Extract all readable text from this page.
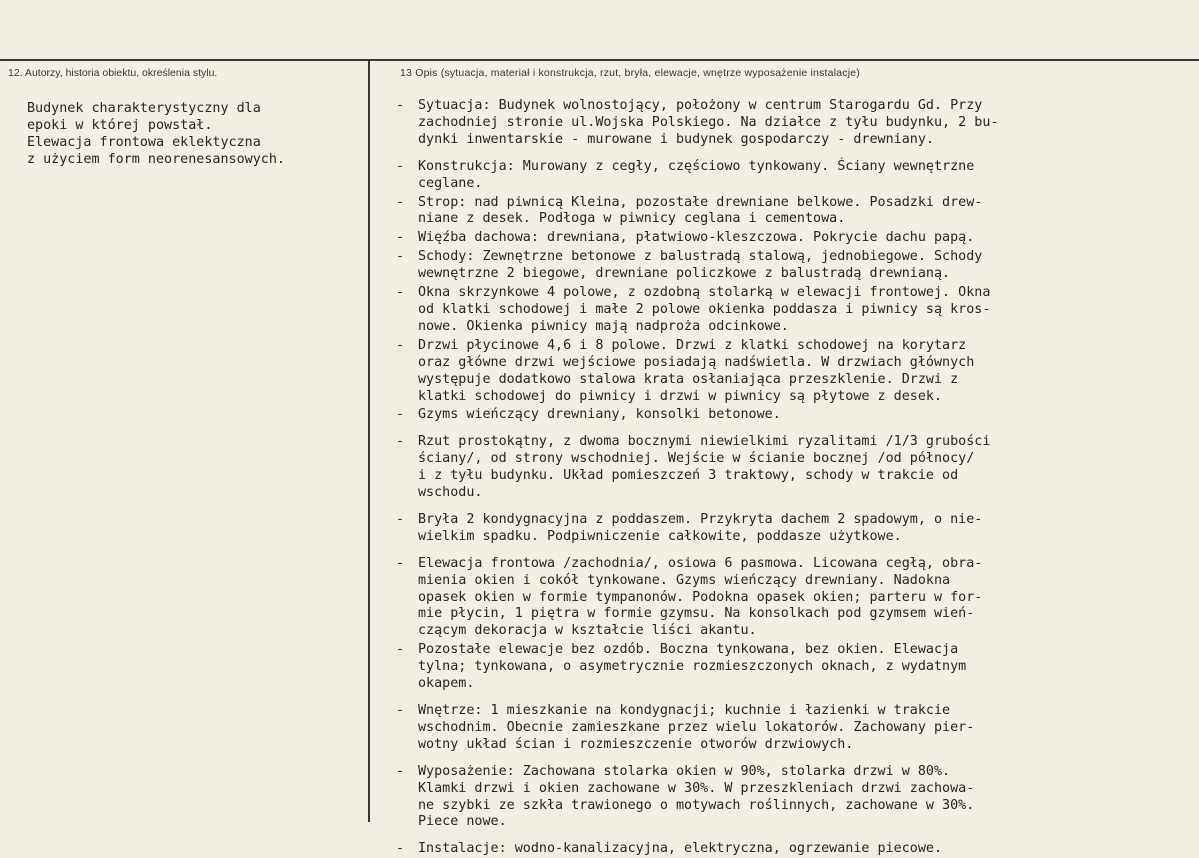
12. Autorzy, historia obiektu, określenia stylu.	13 Opis (sytuacja, materiał i konstrukcja, rzut, bryła, elewacje, wnętrze wyposażenie instalacje)
Budynek charakterystyczny dla
epoki w której powstał.
Elewacja frontowa eklektyczna
z użyciem form neorenesansowych.
-	Sytuacja: Budynek wolnostojący, położony w centrum Starogardu Gd. Przy
zachodniej stronie ul.Wojska Polskiego. Na działce z tyłu budynku, 2 bu-
dynki inwentarskie - murowane i budynek gospodarczy - drewniany.
-	Konstrukcja: Murowany z cegły, częściowo tynkowany. Ściany wewnętrzne
ceglane.
-	Strop: nad piwnicą Kleina, pozostałe drewniane belkowe. Posadzki drew-
niane z desek. Podłoga w piwnicy ceglana i cementowa.
-	Więźba dachowa: drewniana, płatwiowo-kleszczowa. Pokrycie dachu papą.
-	Schody: Zewnętrzne betonowe z balustradą stalową, jednobiegowe. Schody
wewnętrzne 2 biegowe, drewniane policzkowe z balustradą drewnianą.
-	Okna skrzynkowe 4 polowe, z ozdobną stolarką w elewacji frontowej. Okna
od klatki schodowej i małe 2 polowe okienka poddasza i piwnicy są kros-
nowe. Okienka piwnicy mają nadproża odcinkowe.
-	Drzwi płycinowe 4,6 i 8 polowe. Drzwi z klatki schodowej na korytarz
oraz główne drzwi wejściowe posiadają nadświetla. W drzwiach głównych
występuje dodatkowo stalowa krata osłaniająca przeszklenie. Drzwi z
klatki schodowej do piwnicy i drzwi w piwnicy są płytowe z desek.
-	Gzyms wieńczący drewniany, konsolki betonowe.
-	Rzut prostokątny, z dwoma bocznymi niewielkimi ryzalitami /1/3 grubości
ściany/, od strony wschodniej. Wejście w ścianie bocznej /od północy/
i z tyłu budynku. Układ pomieszczeń 3 traktowy, schody w trakcie od
wschodu.
-	Bryła 2 kondygnacyjna z poddaszem. Przykryta dachem 2 spadowym, o nie-
wielkim spadku. Podpiwniczenie całkowite, poddasze użytkowe.
-	Elewacja frontowa /zachodnia/, osiowa 6 pasmowa. Licowana cegłą, obra-
mienia okien i cokół tynkowane. Gzyms wieńczący drewniany. Nadokna
opasek okien w formie tympanonów. Podokna opasek okien; parteru w for-
mie płycin, 1 piętra w formie gzymsu. Na konsolkach pod gzymsem wień-
czącym dekoracja w kształcie liści akantu.
-	Pozostałe elewacje bez ozdób. Boczna tynkowana, bez okien. Elewacja
tylna; tynkowana, o asymetrycznie rozmieszczonych oknach, z wydatnym
okapem.
-	Wnętrze: 1 mieszkanie na kondygnacji; kuchnie i łazienki w trakcie
wschodnim. Obecnie zamieszkane przez wielu lokatorów. Zachowany pier-
wotny układ ścian i rozmieszczenie otworów drzwiowych.
-	Wyposażenie: Zachowana stolarka okien w 90%, stolarka drzwi w 80%.
Klamki drzwi i okien zachowane w 30%. W przeszkleniach drzwi zachowa-
ne szybki ze szkła trawionego o motywach roślinnych, zachowane w 30%.
Piece nowe.
-	Instalacje: wodno-kanalizacyjna, elektryczna, ogrzewanie piecowe.
